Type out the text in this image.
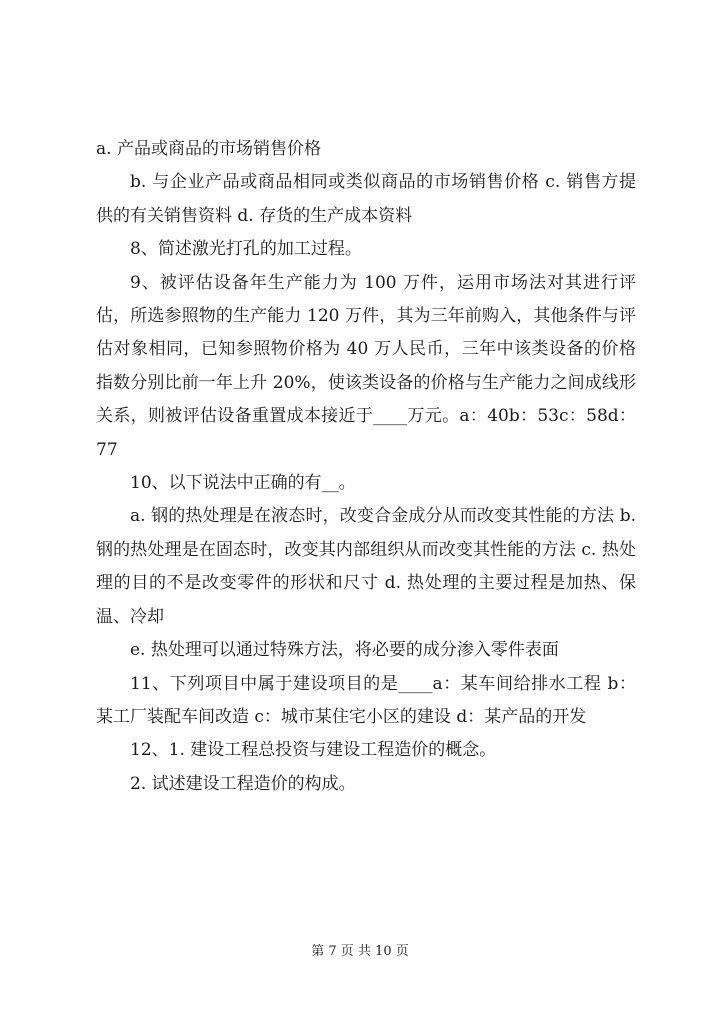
a. 产品或商品的市场销售价格

b. 与企业产品或商品相同或类似商品的市场销售价格 c. 销售方提供的有关销售资料 d. 存货的生产成本资料

8、简述激光打孔的加工过程。

9、被评估设备年生产能力为 100 万件，运用市场法对其进行评估，所选参照物的生产能力 120 万件，其为三年前购入，其他条件与评估对象相同，已知参照物价格为 40 万人民币，三年中该类设备的价格指数分别比前一年上升 20%，使该类设备的价格与生产能力之间成线形关系，则被评估设备重置成本接近于____万元。a：40b：53c：58d：77

10、以下说法中正确的有__。

a. 钢的热处理是在液态时，改变合金成分从而改变其性能的方法 b. 钢的热处理是在固态时，改变其内部组织从而改变其性能的方法 c. 热处理的目的不是改变零件的形状和尺寸 d. 热处理的主要过程是加热、保温、冷却

e. 热处理可以通过特殊方法，将必要的成分渗入零件表面

11、下列项目中属于建设项目的是____a：某车间给排水工程 b：某工厂装配车间改造 c：城市某住宅小区的建设 d：某产品的开发

12、1. 建设工程总投资与建设工程造价的概念。

2. 试述建设工程造价的构成。

第 7 页 共 10 页
